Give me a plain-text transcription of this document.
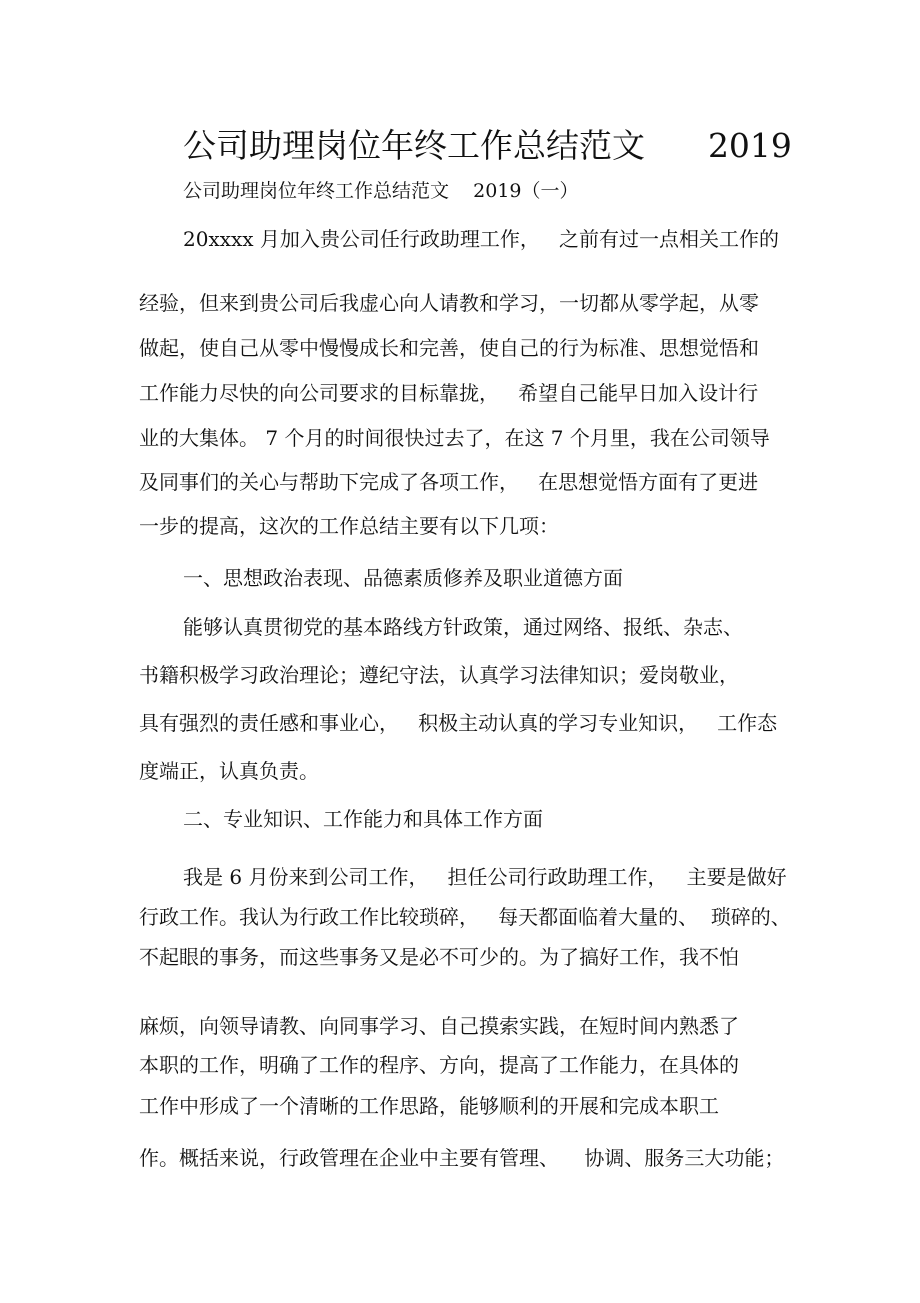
公司助理岗位年终工作总结范文      2019
公司助理岗位年终工作总结范文    2019（一）
20xxxx 月加入贵公司任行政助理工作，   之前有过一点相关工作的
经验，但来到贵公司后我虚心向人请教和学习，一切都从零学起，从零
做起，使自己从零中慢慢成长和完善，使自己的行为标准、思想觉悟和
工作能力尽快的向公司要求的目标靠拢，   希望自己能早日加入设计行
业的大集体。 7 个月的时间很快过去了，在这 7 个月里，我在公司领导
及同事们的关心与帮助下完成了各项工作，   在思想觉悟方面有了更进
一步的提高，这次的工作总结主要有以下几项：
一、思想政治表现、品德素质修养及职业道德方面
能够认真贯彻党的基本路线方针政策，通过网络、报纸、杂志、
书籍积极学习政治理论；遵纪守法，认真学习法律知识；爱岗敬业，
具有强烈的责任感和事业心，   积极主动认真的学习专业知识，   工作态
度端正，认真负责。
二、专业知识、工作能力和具体工作方面
我是 6 月份来到公司工作，   担任公司行政助理工作，   主要是做好
行政工作。我认为行政工作比较琐碎，   每天都面临着大量的、  琐碎的、
不起眼的事务，而这些事务又是必不可少的。为了搞好工作，我不怕
麻烦，向领导请教、向同事学习、自己摸索实践，在短时间内熟悉了
本职的工作，明确了工作的程序、方向，提高了工作能力，在具体的
工作中形成了一个清晰的工作思路，能够顺利的开展和完成本职工
作。概括来说，行政管理在企业中主要有管理、    协调、服务三大功能；
